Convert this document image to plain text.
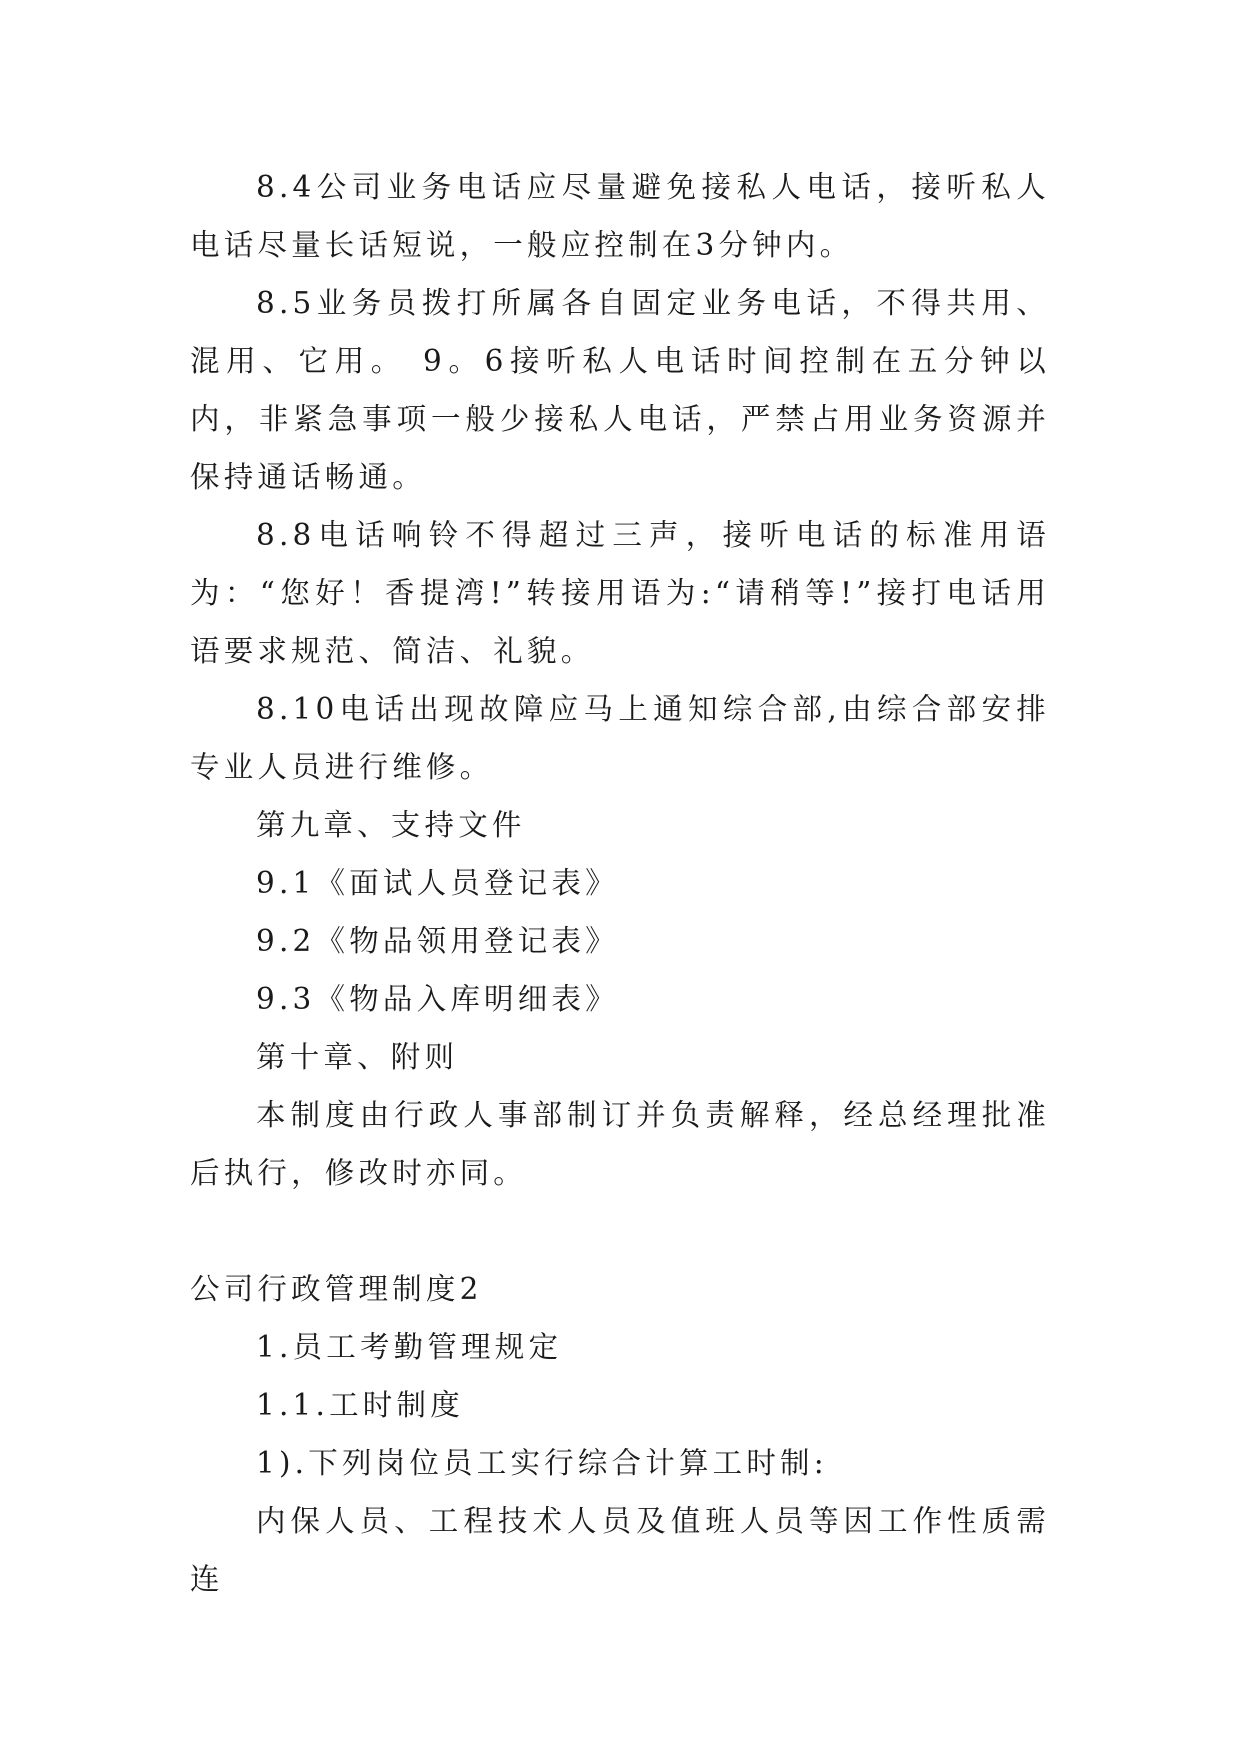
8.4公司业务电话应尽量避免接私人电话，接听私人电话尽量长话短说，一般应控制在3分钟内。

8.5业务员拨打所属各自固定业务电话，不得共用、混用、它用。 9。6接听私人电话时间控制在五分钟以内，非紧急事项一般少接私人电话，严禁占用业务资源并保持通话畅通。

8.8电话响铃不得超过三声，接听电话的标准用语为：“您好！香提湾!”转接用语为:“请稍等!”接打电话用语要求规范、简洁、礼貌。

8.10电话出现故障应马上通知综合部,由综合部安排专业人员进行维修。

第九章、支持文件

9.1《面试人员登记表》

9.2《物品领用登记表》

9.3《物品入库明细表》

第十章、附则

本制度由行政人事部制订并负责解释，经总经理批准后执行，修改时亦同。

公司行政管理制度2

1.员工考勤管理规定

1.1.工时制度

1).下列岗位员工实行综合计算工时制:

内保人员、工程技术人员及值班人员等因工作性质需连
